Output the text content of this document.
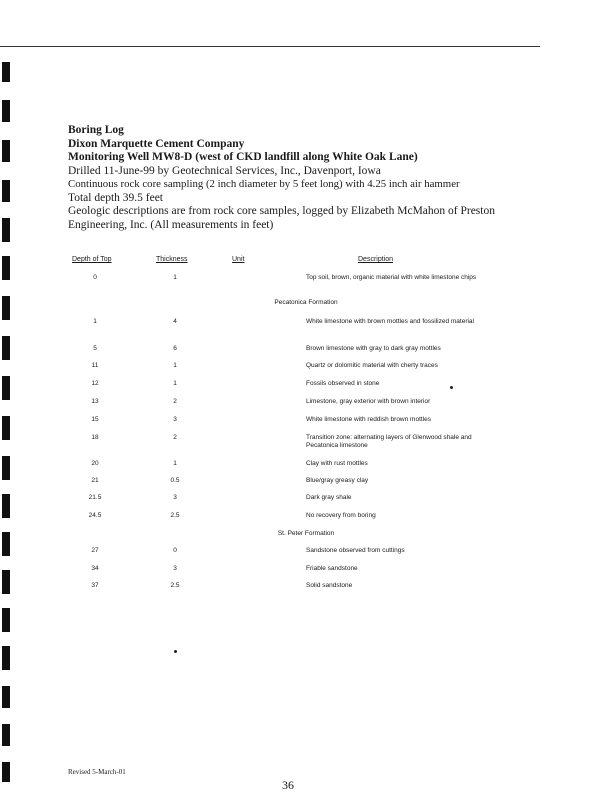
Boring Log
Dixon Marquette Cement Company
Monitoring Well MW8-D (west of CKD landfill along White Oak Lane)
Drilled 11-June-99 by Geotechnical Services, Inc., Davenport, Iowa
Continuous rock core sampling (2 inch diameter by 5 feet long) with 4.25 inch air hammer
Total depth 39.5 feet
Geologic descriptions are from rock core samples, logged by Elizabeth McMahon of Preston Engineering, Inc. (All measurements in feet)
Depth of Top	Thickness	Unit	Description
0	1	Top soil, brown, organic material with white limestone chips
Pecatonica Formation
1	4	White limestone with brown mottles and fossilized material
5	6	Brown limestone with gray to dark gray mottles
11	1	Quartz or dolomitic material with cherty traces
12	1	Fossils observed in stone
13	2	Limestone, gray exterior with brown interior
15	3	White limestone with reddish brown mottles
18	2	Transition zone: alternating layers of Glenwood shale and Pecatonica limestone
20	1	Clay with rust mottles
21	0.5	Blue/gray greasy clay
21.5	3	Dark gray shale
24.5	2.5	No recovery from boring
St. Peter Formation
27	0	Sandstone observed from cuttings
34	3	Friable sandstone
37	2.5	Solid sandstone
Revised 5-March-01
36
